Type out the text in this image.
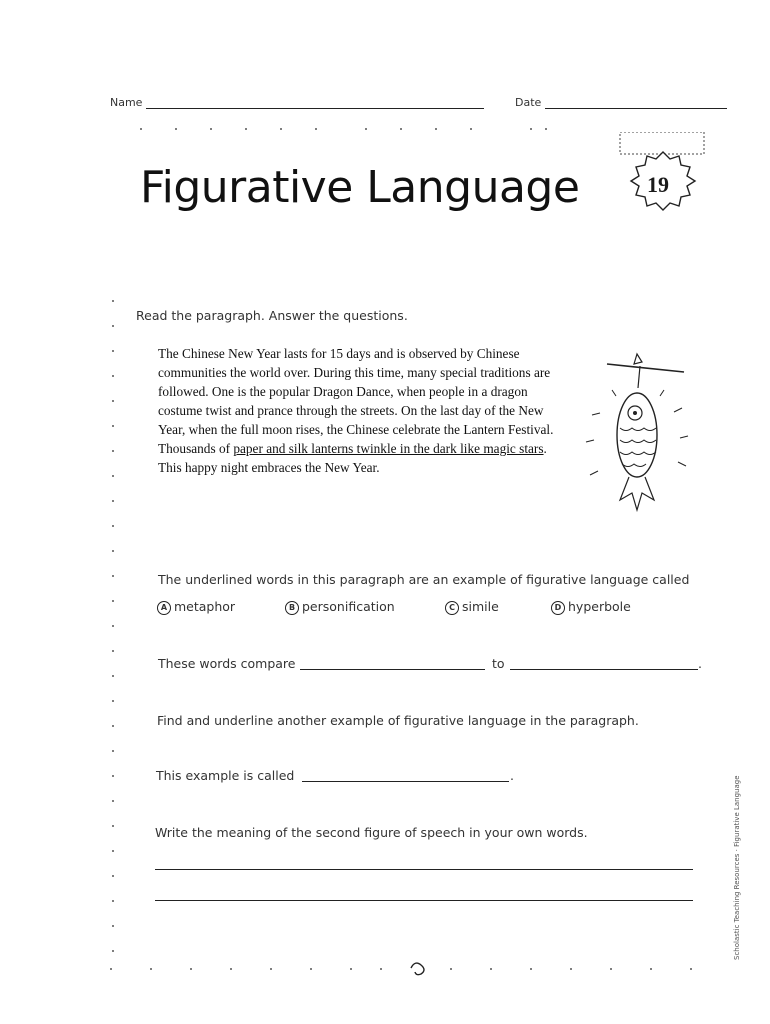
Name	Date
Figurative Language	19
Read the paragraph. Answer the questions.
The Chinese New Year lasts for 15 days and is observed by Chinese communities the world over. During this time, many special traditions are followed. One is the popular Dragon Dance, when people in a dragon costume twist and prance through the streets. On the last day of the New Year, when the full moon rises, the Chinese celebrate the Lantern Festival. Thousands of paper and silk lanterns twinkle in the dark like magic stars. This happy night embraces the New Year.
The underlined words in this paragraph are an example of figurative language called
A metaphor	B personification	C simile	D hyperbole
These words compare	to	.
Find and underline another example of figurative language in the paragraph.
This example is called	.
Write the meaning of the second figure of speech in your own words.	Scholastic Teaching Resources · Figurative Language
